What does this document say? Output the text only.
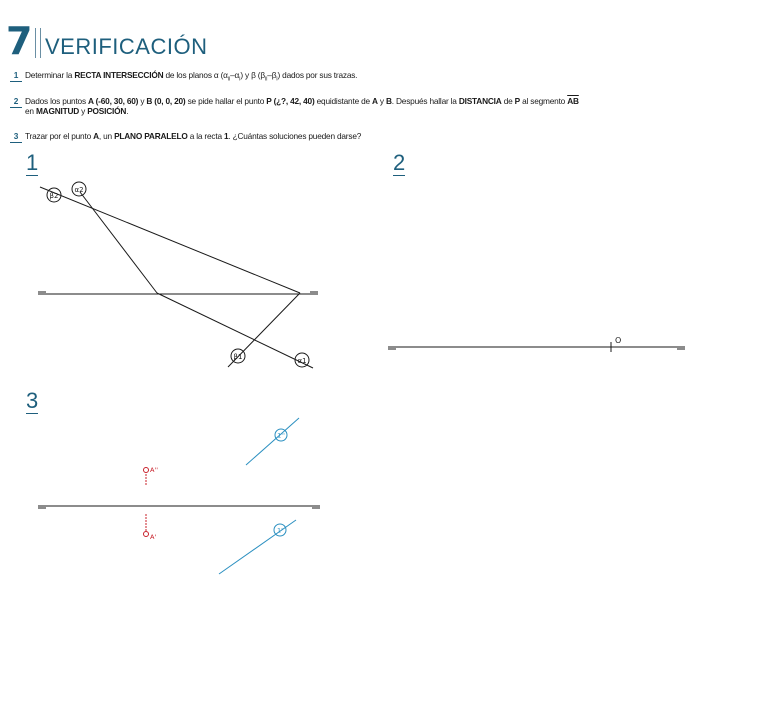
7 VERIFICACIÓN
1 Determinar la RECTA INTERSECCIÓN de los planos α $(\alpha_{II}-\alpha_I)$ y β $(\beta_{II}-\beta_I)$ dados por sus trazas.
2 Dados los puntos A (-60, 30, 60) y B (0, 0, 20) se pide hallar el punto P (¿?, 42, 40) equidistante de A y B. Después hallar la DISTANCIA de P al segmento $\overline{AB}$
en MAGNITUD y POSICIÓN.
3 Trazar por el punto A, un PLANO PARALELO a la recta 1. ¿Cuántas soluciones pueden darse?
1	2
3
β2
α2
β1	α1
O
1''
1'
A''
A'
